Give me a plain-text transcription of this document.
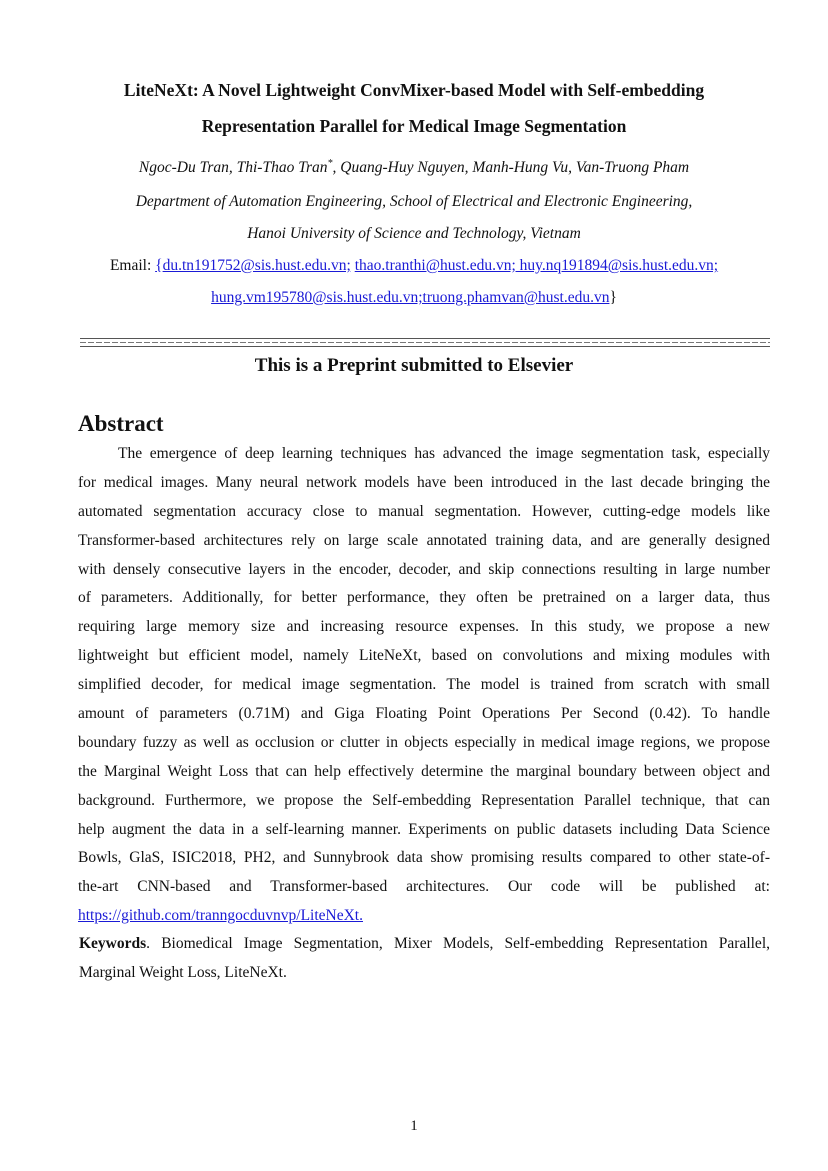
LiteNeXt: A Novel Lightweight ConvMixer-based Model with Self-embedding
Representation Parallel for Medical Image Segmentation
Ngoc-Du Tran, Thi-Thao Tran*, Quang-Huy Nguyen, Manh-Hung Vu, Van-Truong Pham
Department of Automation Engineering, School of Electrical and Electronic Engineering,
Hanoi University of Science and Technology, Vietnam
Email: {du.tn191752@sis.hust.edu.vn; thao.tranthi@hust.edu.vn; huy.nq191894@sis.hust.edu.vn;
hung.vm195780@sis.hust.edu.vn;truong.phamvan@hust.edu.vn}
This is a Preprint submitted to Elsevier
Abstract
The emergence of deep learning techniques has advanced the image segmentation task, especially
for medical images. Many neural network models have been introduced in the last decade bringing the
automated segmentation accuracy close to manual segmentation. However, cutting-edge models like
Transformer-based architectures rely on large scale annotated training data, and are generally designed
with densely consecutive layers in the encoder, decoder, and skip connections resulting in large number
of parameters. Additionally, for better performance, they often be pretrained on a larger data, thus
requiring large memory size and increasing resource expenses. In this study, we propose a new
lightweight but efficient model, namely LiteNeXt, based on convolutions and mixing modules with
simplified decoder, for medical image segmentation. The model is trained from scratch with small
amount of parameters (0.71M) and Giga Floating Point Operations Per Second (0.42). To handle
boundary fuzzy as well as occlusion or clutter in objects especially in medical image regions, we propose
the Marginal Weight Loss that can help effectively determine the marginal boundary between object and
background. Furthermore, we propose the Self-embedding Representation Parallel technique, that can
help augment the data in a self-learning manner. Experiments on public datasets including Data Science
Bowls, GlaS, ISIC2018, PH2, and Sunnybrook data show promising results compared to other state-of-
the-art CNN-based and Transformer-based architectures. Our code will be published at:
https://github.com/tranngocduvnvp/LiteNeXt.
Keywords. Biomedical Image Segmentation, Mixer Models, Self-embedding Representation Parallel,
Marginal Weight Loss, LiteNeXt.
1
